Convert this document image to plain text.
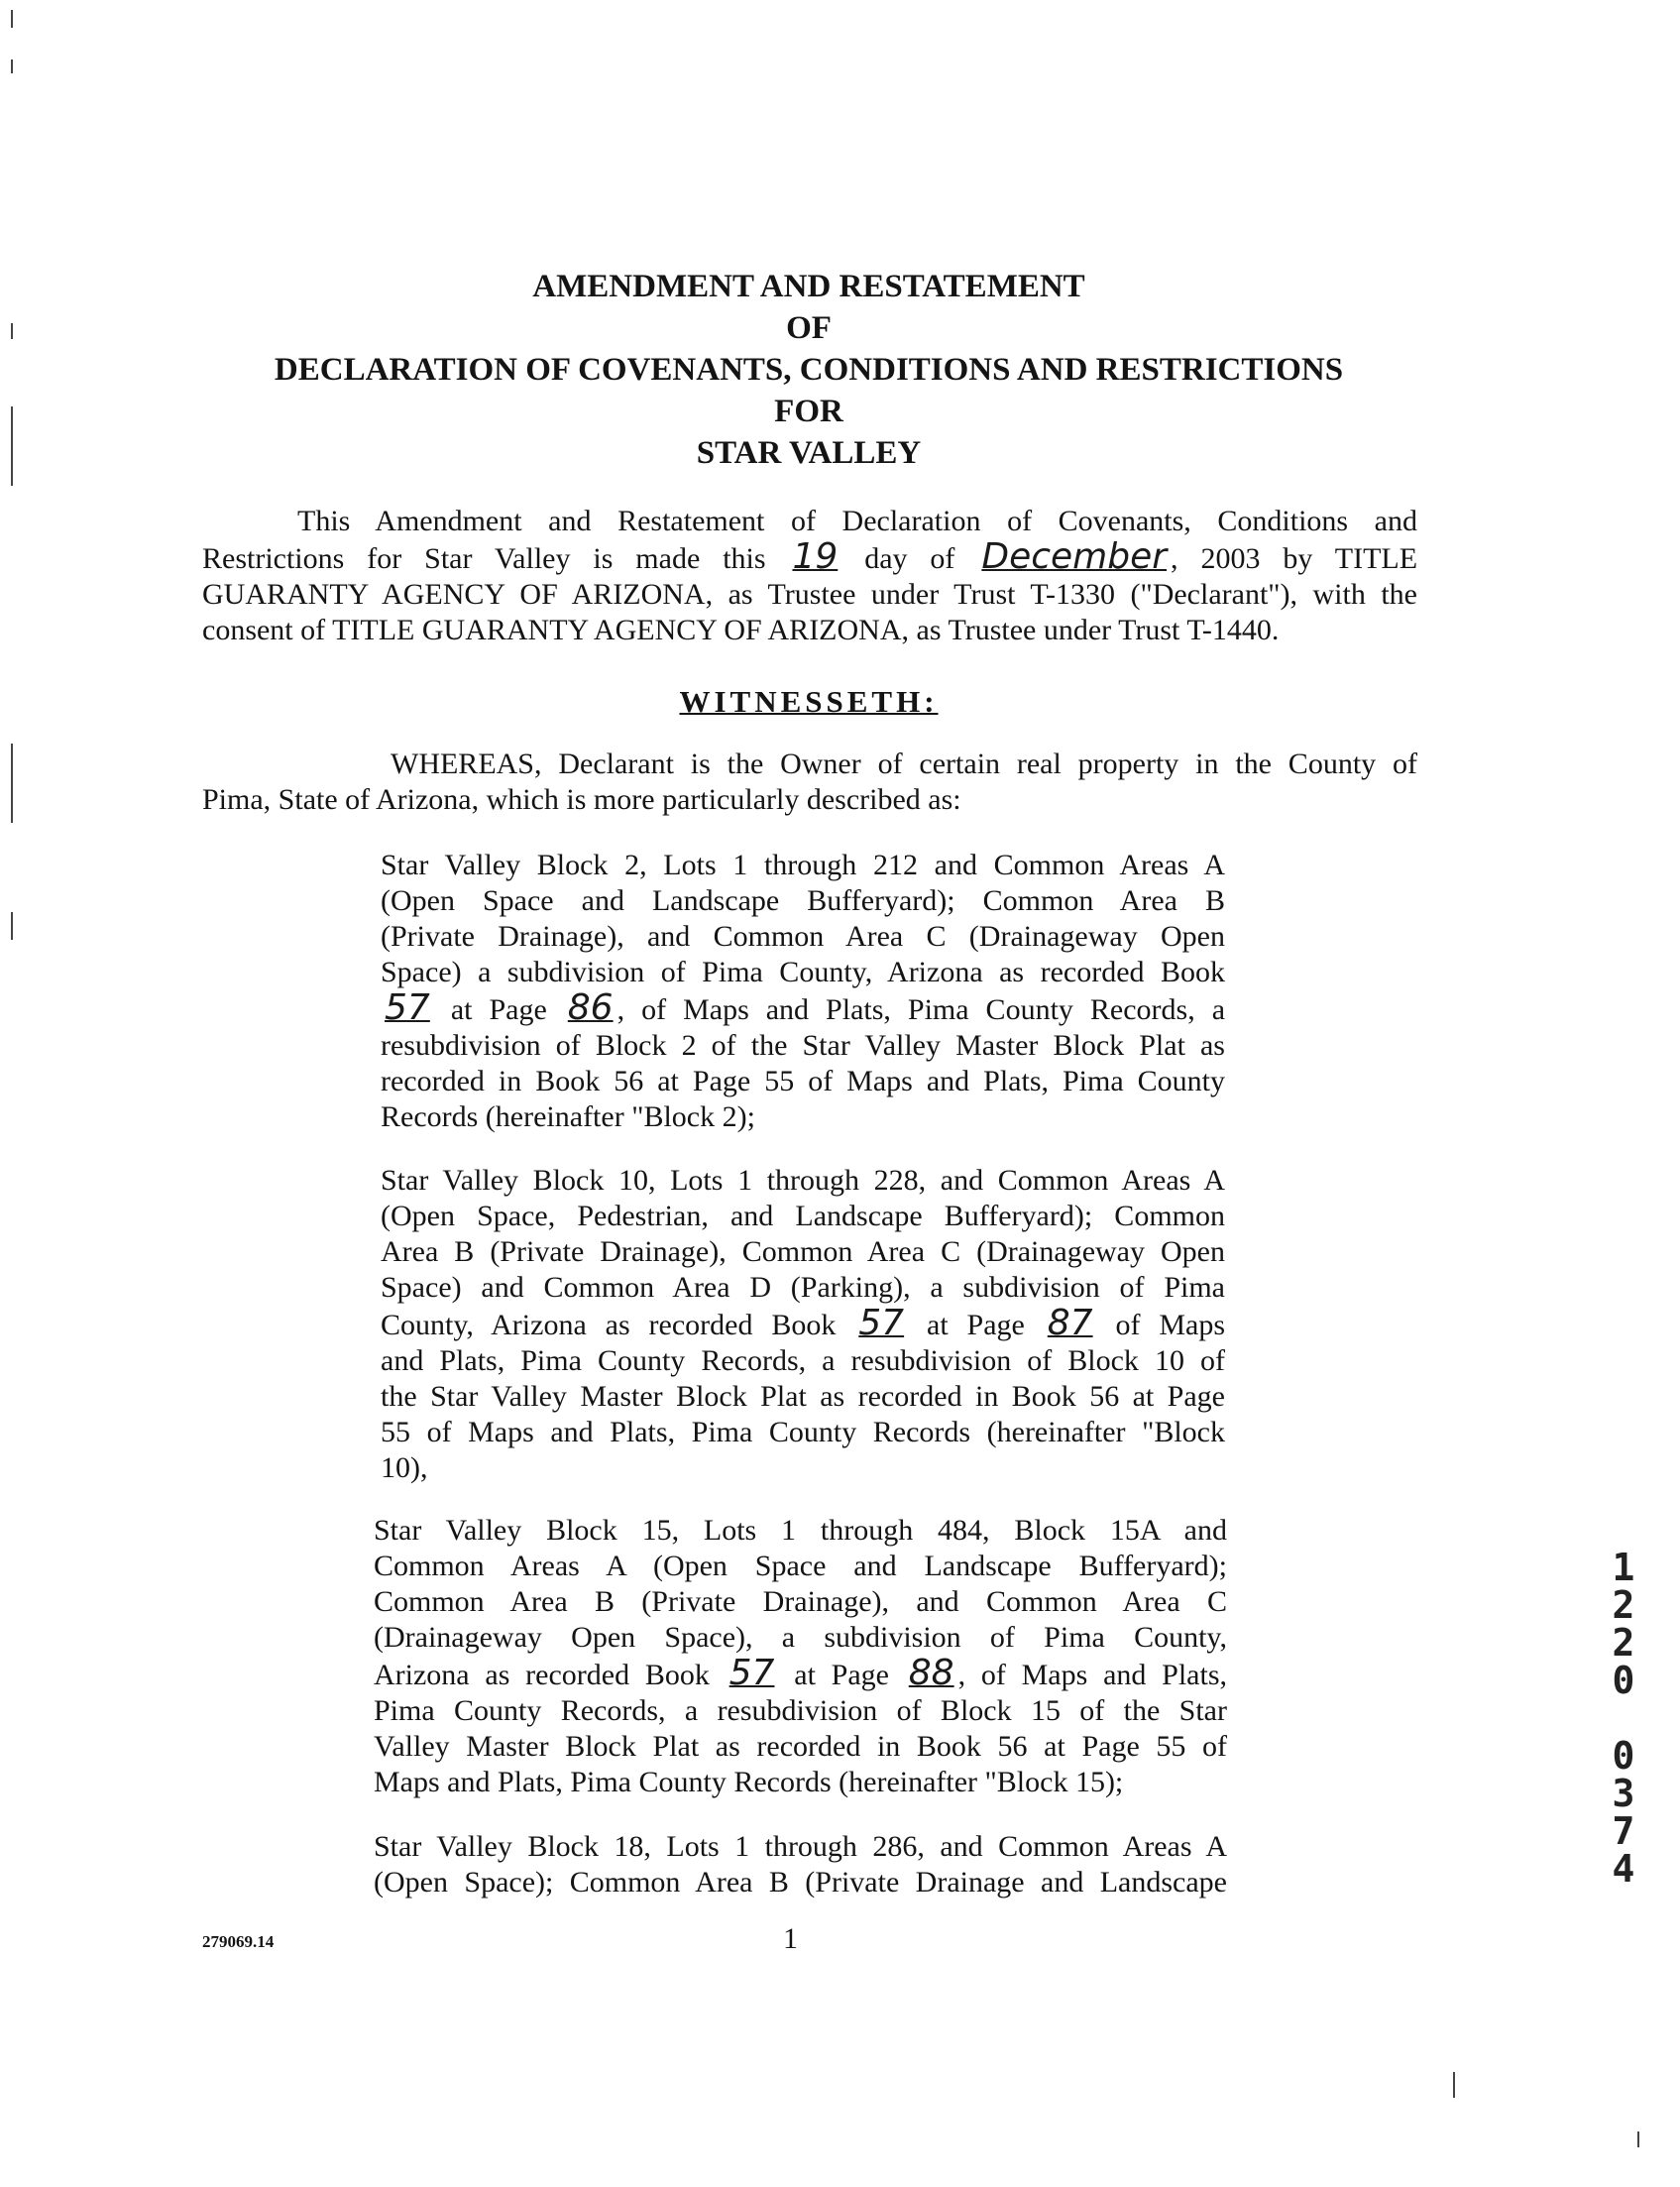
AMENDMENT AND RESTATEMENT
OF
DECLARATION OF COVENANTS, CONDITIONS AND RESTRICTIONS
FOR
STAR VALLEY
This Amendment and Restatement of Declaration of Covenants, Conditions and
Restrictions for Star Valley is made this 19 day of December , 2003 by TITLE
GUARANTY AGENCY OF ARIZONA, as Trustee under Trust T-1330 ("Declarant"), with the
consent of TITLE GUARANTY AGENCY OF ARIZONA, as Trustee under Trust T-1440.
WITNESSETH:
WHEREAS, Declarant is the Owner of certain real property in the County of
Pima, State of Arizona, which is more particularly described as:
Star Valley Block 2, Lots 1 through 212 and Common Areas A
(Open Space and Landscape Bufferyard); Common Area B
(Private Drainage), and Common Area C (Drainageway Open
Space) a subdivision of Pima County, Arizona as recorded Book
57 at Page 86 , of Maps and Plats, Pima County Records, a
resubdivision of Block 2 of the Star Valley Master Block Plat as
recorded in Book 56 at Page 55 of Maps and Plats, Pima County
Records (hereinafter "Block 2);
Star Valley Block 10, Lots 1 through 228, and Common Areas A
(Open Space, Pedestrian, and Landscape Bufferyard); Common
Area B (Private Drainage), Common Area C (Drainageway Open
Space) and Common Area D (Parking), a subdivision of Pima
County, Arizona as recorded Book 57 at Page 87 of Maps
and Plats, Pima County Records, a resubdivision of Block 10 of
the Star Valley Master Block Plat as recorded in Book 56 at Page
55 of Maps and Plats, Pima County Records (hereinafter "Block
10),
Star Valley Block 15, Lots 1 through 484, Block 15A and
Common Areas A (Open Space and Landscape Bufferyard);
Common Area B (Private Drainage), and Common Area C
(Drainageway Open Space), a subdivision of Pima County,
Arizona as recorded Book 57 at Page 88 , of Maps and Plats,
Pima County Records, a resubdivision of Block 15 of the Star
Valley Master Block Plat as recorded in Book 56 at Page 55 of
Maps and Plats, Pima County Records (hereinafter "Block 15);
Star Valley Block 18, Lots 1 through 286, and Common Areas A
(Open Space); Common Area B (Private Drainage and Landscape
279069.14	1
1
2
2
0
0
3
7
4
